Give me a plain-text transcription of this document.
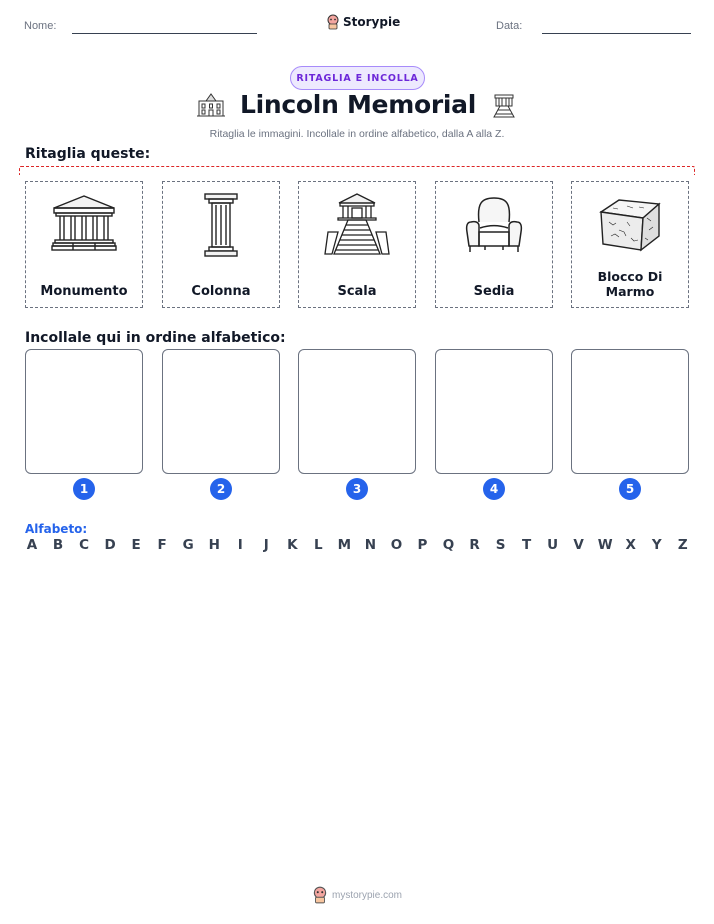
Nome:	Storypie	Data:
RITAGLIA E INCOLLA
Lincoln Memorial
Ritaglia le immagini. Incollale in ordine alfabetico, dalla A alla Z.
Ritaglia queste:
Monumento	Colonna	Scala	Sedia
Blocco Di Marmo
Incollale qui in ordine alfabetico:
1	2	3	4	5
Alfabeto:
A B C D E F G H	I	J	K L M N O P Q R S T U V W X Y Z
mystorypie.com
